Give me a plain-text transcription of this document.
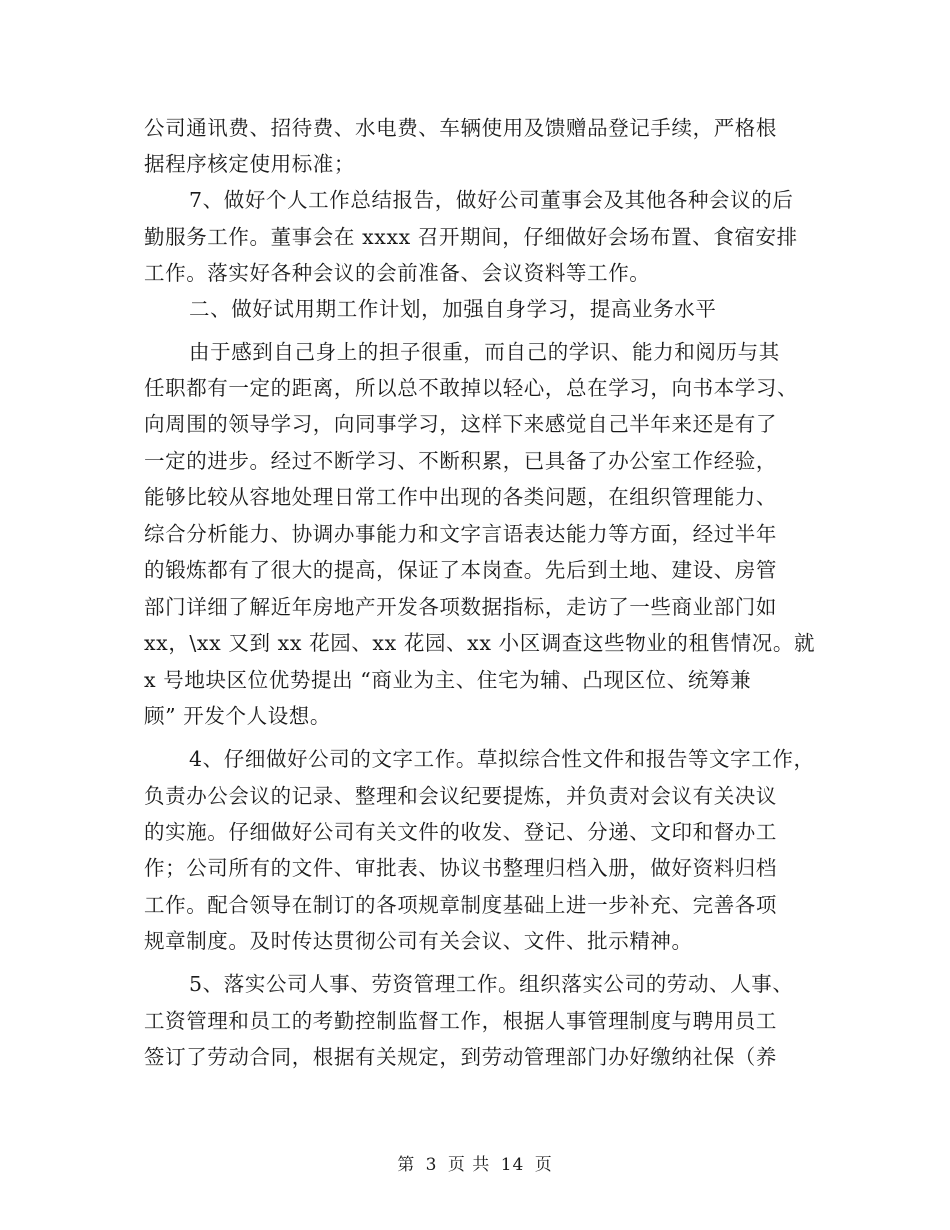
公司通讯费、招待费、水电费、车辆使用及馈赠品登记手续，严格根
据程序核定使用标准；
7、做好个人工作总结报告，做好公司董事会及其他各种会议的后
勤服务工作。董事会在 xxxx 召开期间，仔细做好会场布置、食宿安排
工作。落实好各种会议的会前准备、会议资料等工作。
二、做好试用期工作计划，加强自身学习，提高业务水平
由于感到自己身上的担子很重，而自己的学识、能力和阅历与其
任职都有一定的距离，所以总不敢掉以轻心，总在学习，向书本学习、
向周围的领导学习，向同事学习，这样下来感觉自己半年来还是有了
一定的进步。经过不断学习、不断积累，已具备了办公室工作经验，
能够比较从容地处理日常工作中出现的各类问题，在组织管理能力、
综合分析能力、协调办事能力和文字言语表达能力等方面，经过半年
的锻炼都有了很大的提高，保证了本岗查。先后到土地、建设、房管
部门详细了解近年房地产开发各项数据指标，走访了一些商业部门如
xx，\xx 又到 xx 花园、xx 花园、xx 小区调查这些物业的租售情况。就
x 号地块区位优势提出 “商业为主、住宅为辅、凸现区位、统筹兼
顾” 开发个人设想。
4、仔细做好公司的文字工作。草拟综合性文件和报告等文字工作，
负责办公会议的记录、整理和会议纪要提炼，并负责对会议有关决议
的实施。仔细做好公司有关文件的收发、登记、分递、文印和督办工
作；公司所有的文件、审批表、协议书整理归档入册，做好资料归档
工作。配合领导在制订的各项规章制度基础上进一步补充、完善各项
规章制度。及时传达贯彻公司有关会议、文件、批示精神。
5、落实公司人事、劳资管理工作。组织落实公司的劳动、人事、
工资管理和员工的考勤控制监督工作，根据人事管理制度与聘用员工
签订了劳动合同，根据有关规定，到劳动管理部门办好缴纳社保（养
第 3 页 共 14 页
